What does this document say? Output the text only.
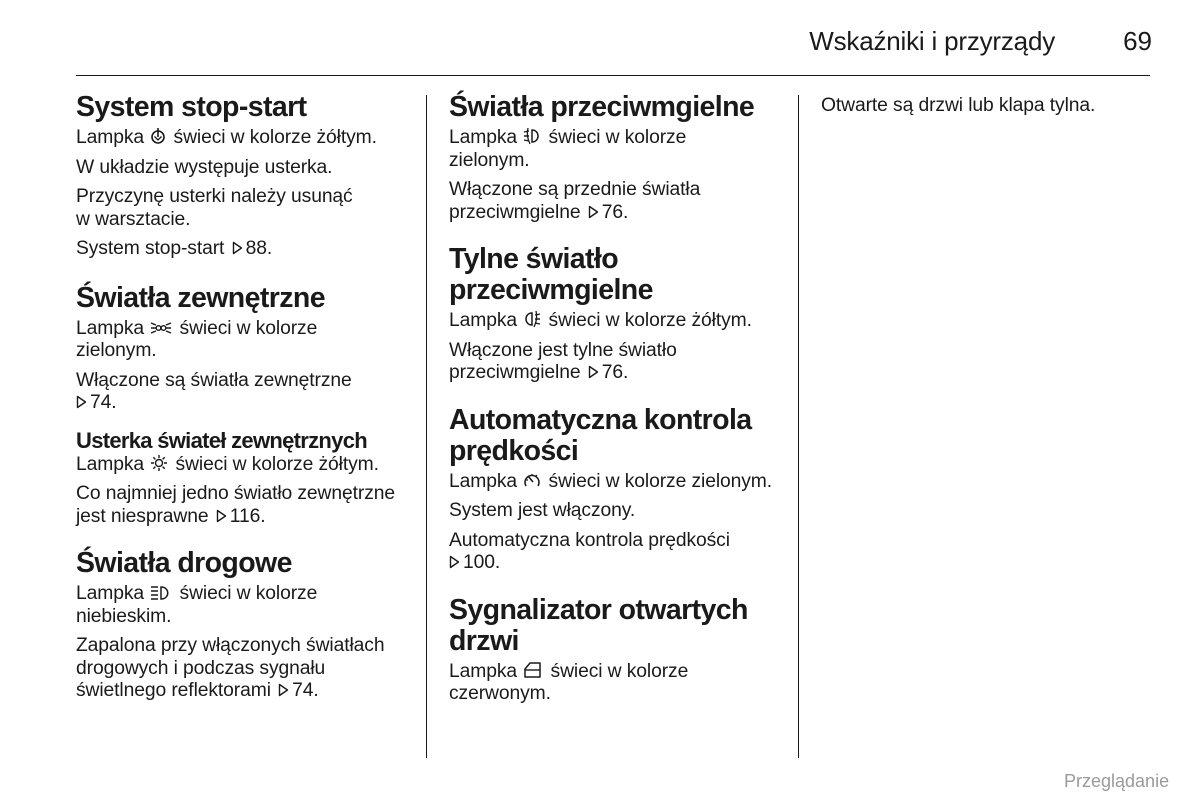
Wskaźniki i przyrządy	69
System stop-start

Lampka świeci w kolorze żółtym.

W układzie występuje usterka.

Przyczynę usterki należy usunąć
w warsztacie.

System stop-start 88.

Światła zewnętrzne

Lampka świeci w kolorze
zielonym.

Włączone są światła zewnętrzne

74.

Usterka świateł zewnętrznych

Lampka świeci w kolorze żółtym.

Co najmniej jedno światło zewnętrzne
jest niesprawne 116.

Światła drogowe

Lampka świeci w kolorze
niebieskim.

Zapalona przy włączonych światłach
drogowych i podczas sygnału
świetlnego reflektorami 74.

Światła przeciwmgielne

Lampka świeci w kolorze
zielonym.

Włączone są przednie światła
przeciwmgielne 76.

Tylne światło
przeciwmgielne

Lampka świeci w kolorze żółtym.

Włączone jest tylne światło
przeciwmgielne 76.

Automatyczna kontrola
prędkości

Lampka świeci w kolorze zielonym.

System jest włączony.

Automatyczna kontrola prędkości

100.

Sygnalizator otwartych
drzwi

Lampka świeci w kolorze
czerwonym.

Otwarte są drzwi lub klapa tylna.

Przeglądanie
